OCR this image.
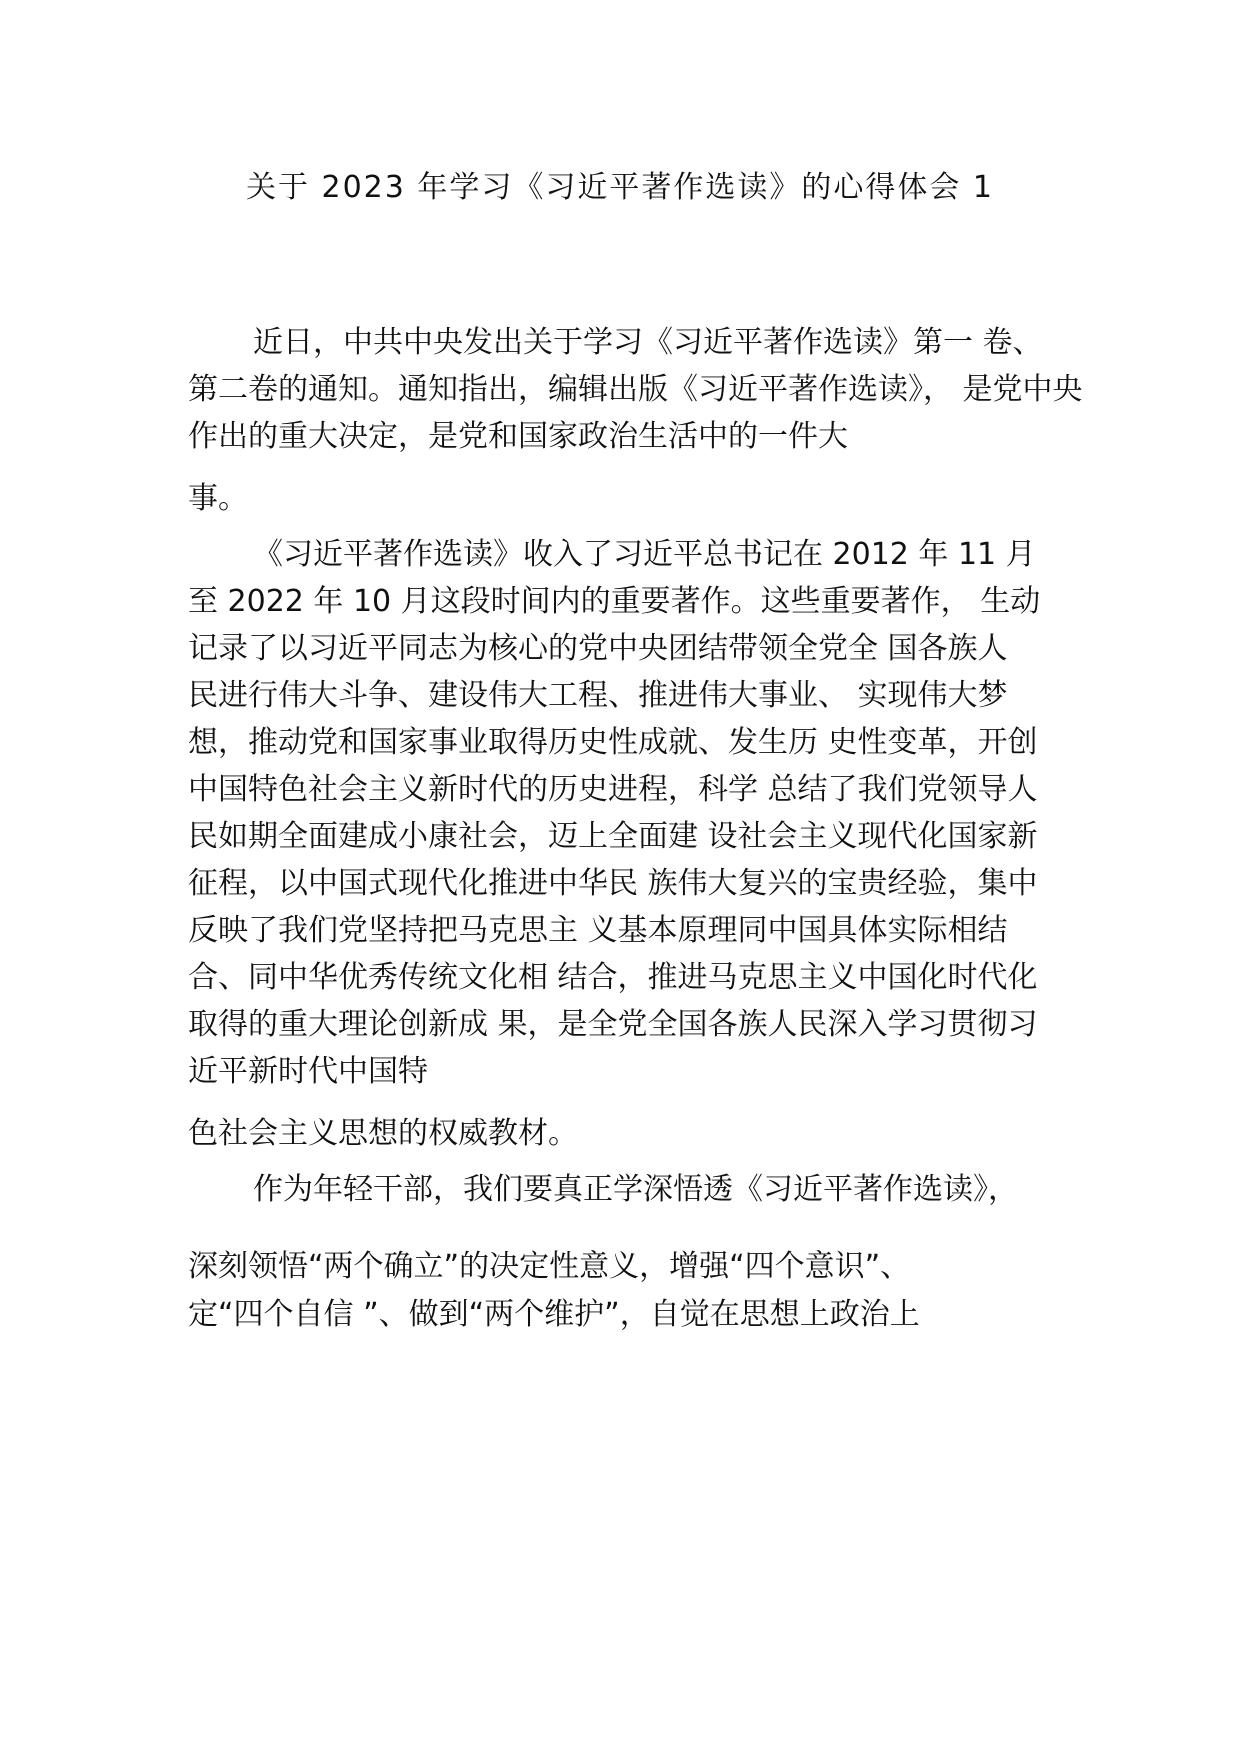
关于 2023 年学习《习近平著作选读》的心得体会 1
近日，中共中央发出关于学习《习近平著作选读》第一 卷、
第二卷的通知。通知指出，编辑出版《习近平著作选读》， 是党中央
作出的重大决定，是党和国家政治生活中的一件大
事。
《习近平著作选读》收入了习近平总书记在 2012 年 11 月
至 2022 年 10 月这段时间内的重要著作。这些重要著作， 生动
记录了以习近平同志为核心的党中央团结带领全党全 国各族人
民进行伟大斗争、建设伟大工程、推进伟大事业、 实现伟大梦
想，推动党和国家事业取得历史性成就、发生历 史性变革，开创
中国特色社会主义新时代的历史进程，科学 总结了我们党领导人
民如期全面建成小康社会，迈上全面建 设社会主义现代化国家新
征程，以中国式现代化推进中华民 族伟大复兴的宝贵经验，集中
反映了我们党坚持把马克思主 义基本原理同中国具体实际相结
合、同中华优秀传统文化相 结合，推进马克思主义中国化时代化
取得的重大理论创新成 果，是全党全国各族人民深入学习贯彻习
近平新时代中国特
色社会主义思想的权威教材。
作为年轻干部，我们要真正学深悟透《习近平著作选读》，
深刻领悟“两个确立”的决定性意义，增强“四个意识”、
定“四个自信 ”、做到“两个维护”，自觉在思想上政治上
